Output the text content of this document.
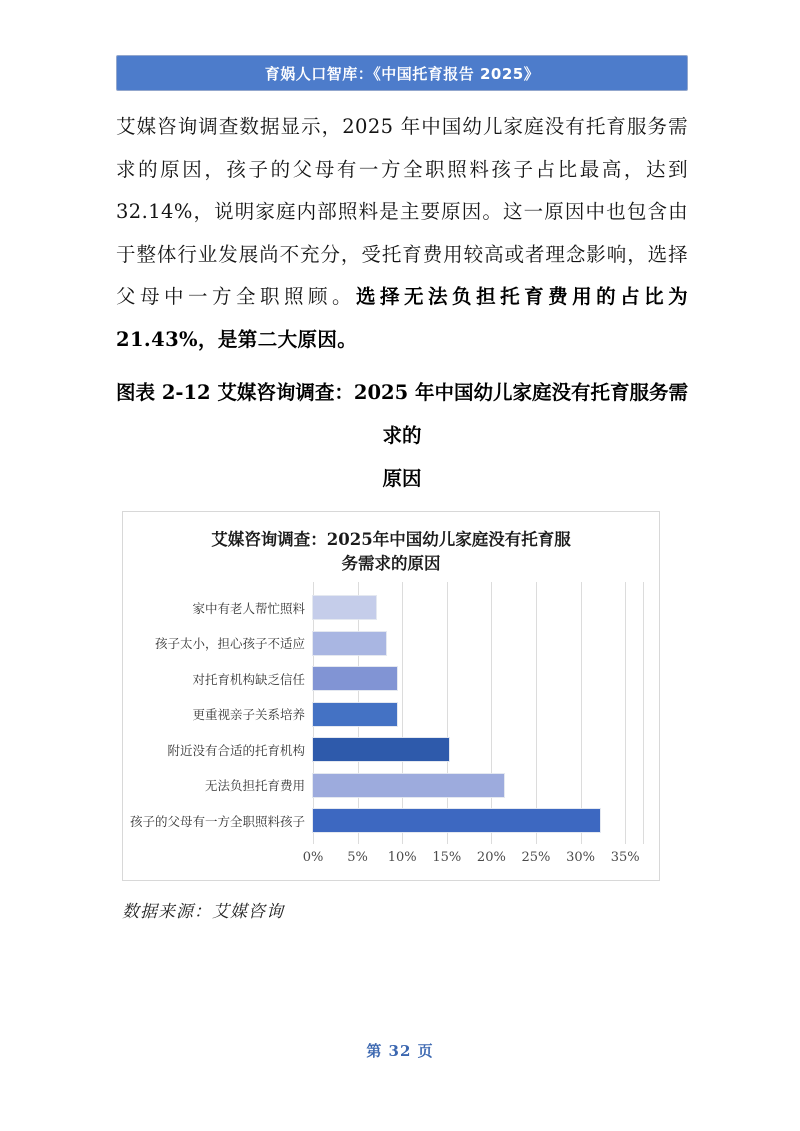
育娲人口智库：《中国托育报告 2025》

艾媒咨询调查数据显示，2025 年中国幼儿家庭没有托育服务需求的原因，孩子的父母有一方全职照料孩子占比最高，达到 32.14%，说明家庭内部照料是主要原因。这一原因中也包含由于整体行业发展尚不充分，受托育费用较高或者理念影响，选择父母中一方全职照顾。选择无法负担托育费用的占比为 21.43%，是第二大原因。

图表 2-12 艾媒咨询调查：2025 年中国幼儿家庭没有托育服务需求的
原因
艾媒咨询调查：2025年中国幼儿家庭没有托育服
务需求的原因
家中有老人帮忙照料
孩子太小，担心孩子不适应
对托育机构缺乏信任
更重视亲子关系培养
附近没有合适的托育机构
无法负担托育费用
孩子的父母有一方全职照料孩子
0% 5% 10% 15% 20% 25% 30% 35%
数据来源：艾媒咨询
第 32 页
